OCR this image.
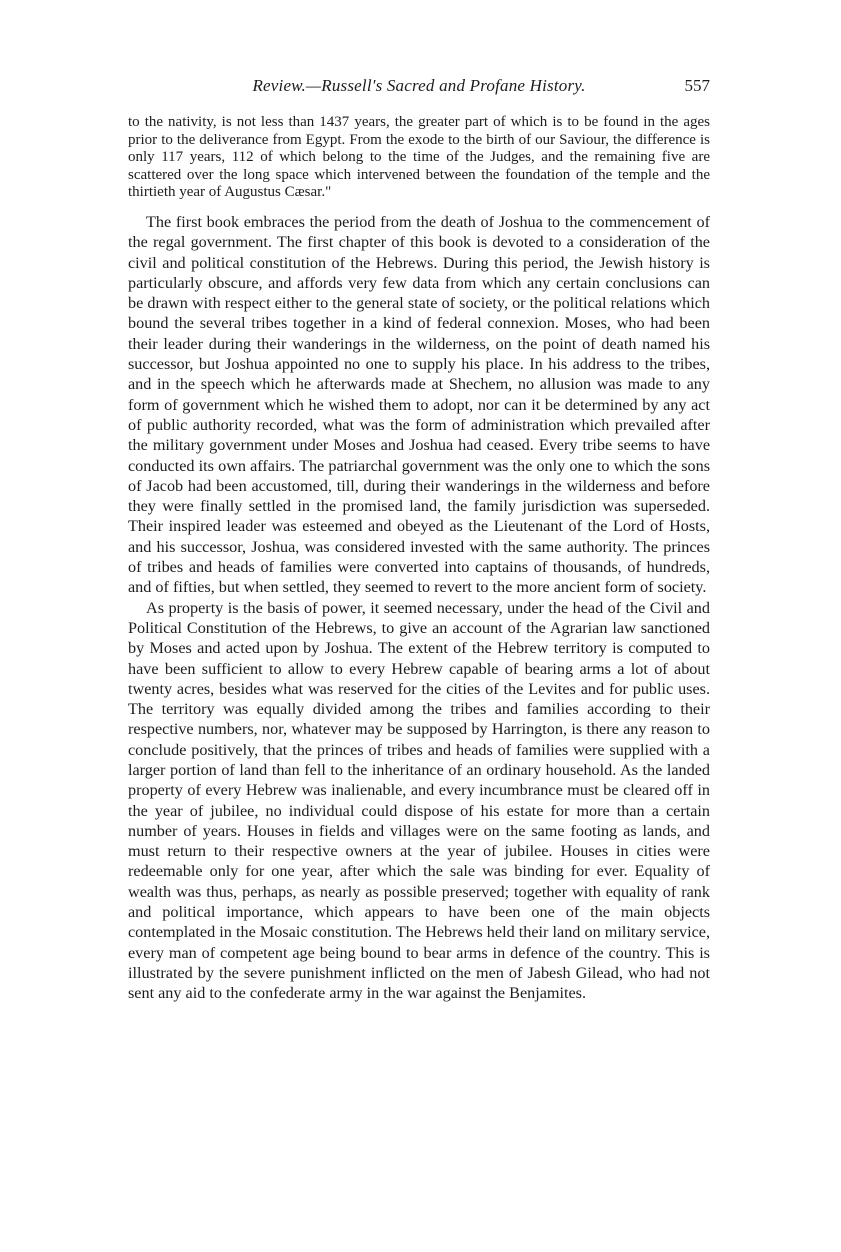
Review.—Russell's Sacred and Profane History.	557

to the nativity, is not less than 1437 years, the greater part of which is to be found in the ages prior to the deliverance from Egypt. From the exode to the birth of our Saviour, the difference is only 117 years, 112 of which belong to the time of the Judges, and the remaining five are scattered over the long space which intervened between the foundation of the temple and the thirtieth year of Augustus Cæsar."

The first book embraces the period from the death of Joshua to the commencement of the regal government. The first chapter of this book is devoted to a consideration of the civil and political constitution of the Hebrews. During this period, the Jewish history is particularly obscure, and affords very few data from which any certain conclusions can be drawn with respect either to the general state of society, or the political relations which bound the several tribes together in a kind of federal connexion. Moses, who had been their leader during their wanderings in the wilderness, on the point of death named his successor, but Joshua appointed no one to supply his place. In his address to the tribes, and in the speech which he afterwards made at Shechem, no allusion was made to any form of government which he wished them to adopt, nor can it be determined by any act of public authority recorded, what was the form of administration which prevailed after the military government under Moses and Joshua had ceased. Every tribe seems to have conducted its own affairs. The patriarchal government was the only one to which the sons of Jacob had been accustomed, till, during their wanderings in the wilderness and before they were finally settled in the promised land, the family jurisdiction was superseded. Their inspired leader was esteemed and obeyed as the Lieutenant of the Lord of Hosts, and his successor, Joshua, was considered invested with the same authority. The princes of tribes and heads of families were converted into captains of thousands, of hundreds, and of fifties, but when settled, they seemed to revert to the more ancient form of society.

As property is the basis of power, it seemed necessary, under the head of the Civil and Political Constitution of the Hebrews, to give an account of the Agrarian law sanctioned by Moses and acted upon by Joshua. The extent of the Hebrew territory is computed to have been sufficient to allow to every Hebrew capable of bearing arms a lot of about twenty acres, besides what was reserved for the cities of the Levites and for public uses. The territory was equally divided among the tribes and families according to their respective numbers, nor, whatever may be supposed by Harrington, is there any reason to conclude positively, that the princes of tribes and heads of families were supplied with a larger portion of land than fell to the inheritance of an ordinary household. As the landed property of every Hebrew was inalienable, and every incumbrance must be cleared off in the year of jubilee, no individual could dispose of his estate for more than a certain number of years. Houses in fields and villages were on the same footing as lands, and must return to their respective owners at the year of jubilee. Houses in cities were redeemable only for one year, after which the sale was binding for ever. Equality of wealth was thus, perhaps, as nearly as possible preserved; together with equality of rank and political importance, which appears to have been one of the main objects contemplated in the Mosaic constitution. The Hebrews held their land on military service, every man of competent age being bound to bear arms in defence of the country. This is illustrated by the severe punishment inflicted on the men of Jabesh Gilead, who had not sent any aid to the confederate army in the war against the Benjamites.
